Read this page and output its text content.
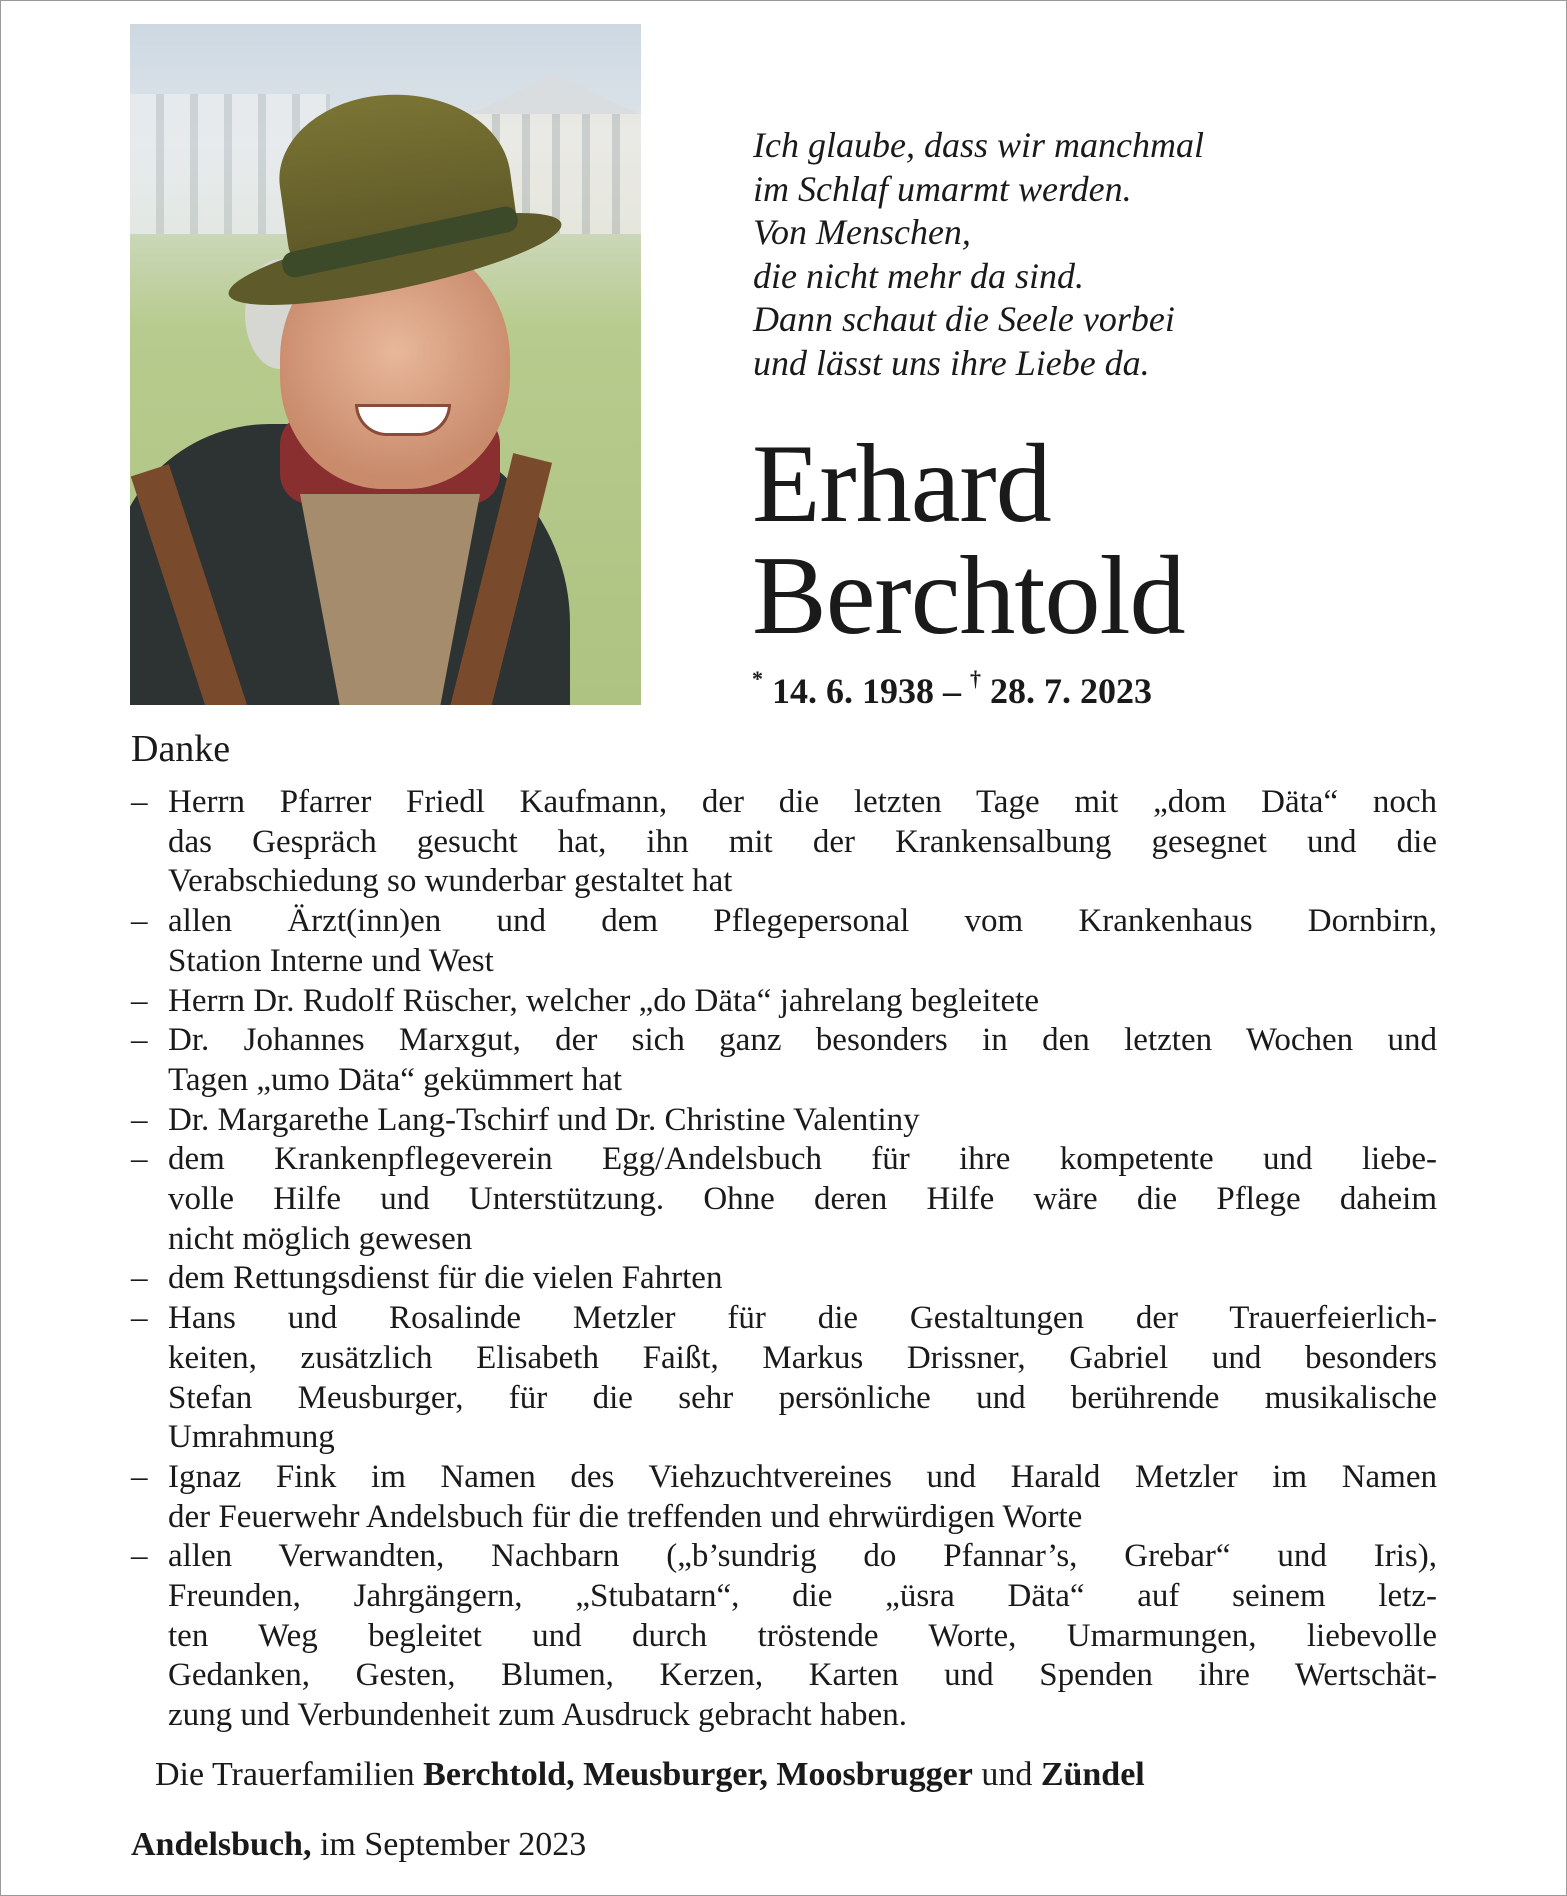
Ich glaube, dass wir manchmal
im Schlaf umarmt werden.
Von Menschen,
die nicht mehr da sind.
Dann schaut die Seele vorbei
und lässt uns ihre Liebe da.
Erhard
Berchtold
* 14. 6. 1938 – † 28. 7. 2023
Danke
– Herrn Pfarrer Friedl Kaufmann, der die letzten Tage mit „dom Däta“ noch
das Gespräch gesucht hat, ihn mit der Krankensalbung gesegnet und die
Verabschiedung so wunderbar gestaltet hat
– allen Ärzt(inn)en und dem Pflegepersonal vom Krankenhaus Dornbirn,
Station Interne und West
– Herrn Dr. Rudolf Rüscher, welcher „do Däta“ jahrelang begleitete
– Dr. Johannes Marxgut, der sich ganz besonders in den letzten Wochen und
Tagen „umo Däta“ gekümmert hat
– Dr. Margarethe Lang-Tschirf und Dr. Christine Valentiny
– dem Krankenpflegeverein Egg/Andelsbuch für ihre kompetente und liebe-
volle Hilfe und Unterstützung. Ohne deren Hilfe wäre die Pflege daheim
nicht möglich gewesen
– dem Rettungsdienst für die vielen Fahrten
– Hans und Rosalinde Metzler für die Gestaltungen der Trauerfeierlich-
keiten, zusätzlich Elisabeth Faißt, Markus Drissner, Gabriel und besonders
Stefan Meusburger, für die sehr persönliche und berührende musikalische
Umrahmung
– Ignaz Fink im Namen des Viehzuchtvereines und Harald Metzler im Namen
der Feuerwehr Andelsbuch für die treffenden und ehrwürdigen Worte
– allen Verwandten, Nachbarn („b’sundrig do Pfannar’s, Grebar“ und Iris),
Freunden, Jahrgängern, „Stubatarn“, die „üsra Däta“ auf seinem letz-
ten Weg begleitet und durch tröstende Worte, Umarmungen, liebevolle
Gedanken, Gesten, Blumen, Kerzen, Karten und Spenden ihre Wertschät-
zung und Verbundenheit zum Ausdruck gebracht haben.
Die Trauerfamilien Berchtold, Meusburger, Moosbrugger und Zündel
Andelsbuch, im September 2023
